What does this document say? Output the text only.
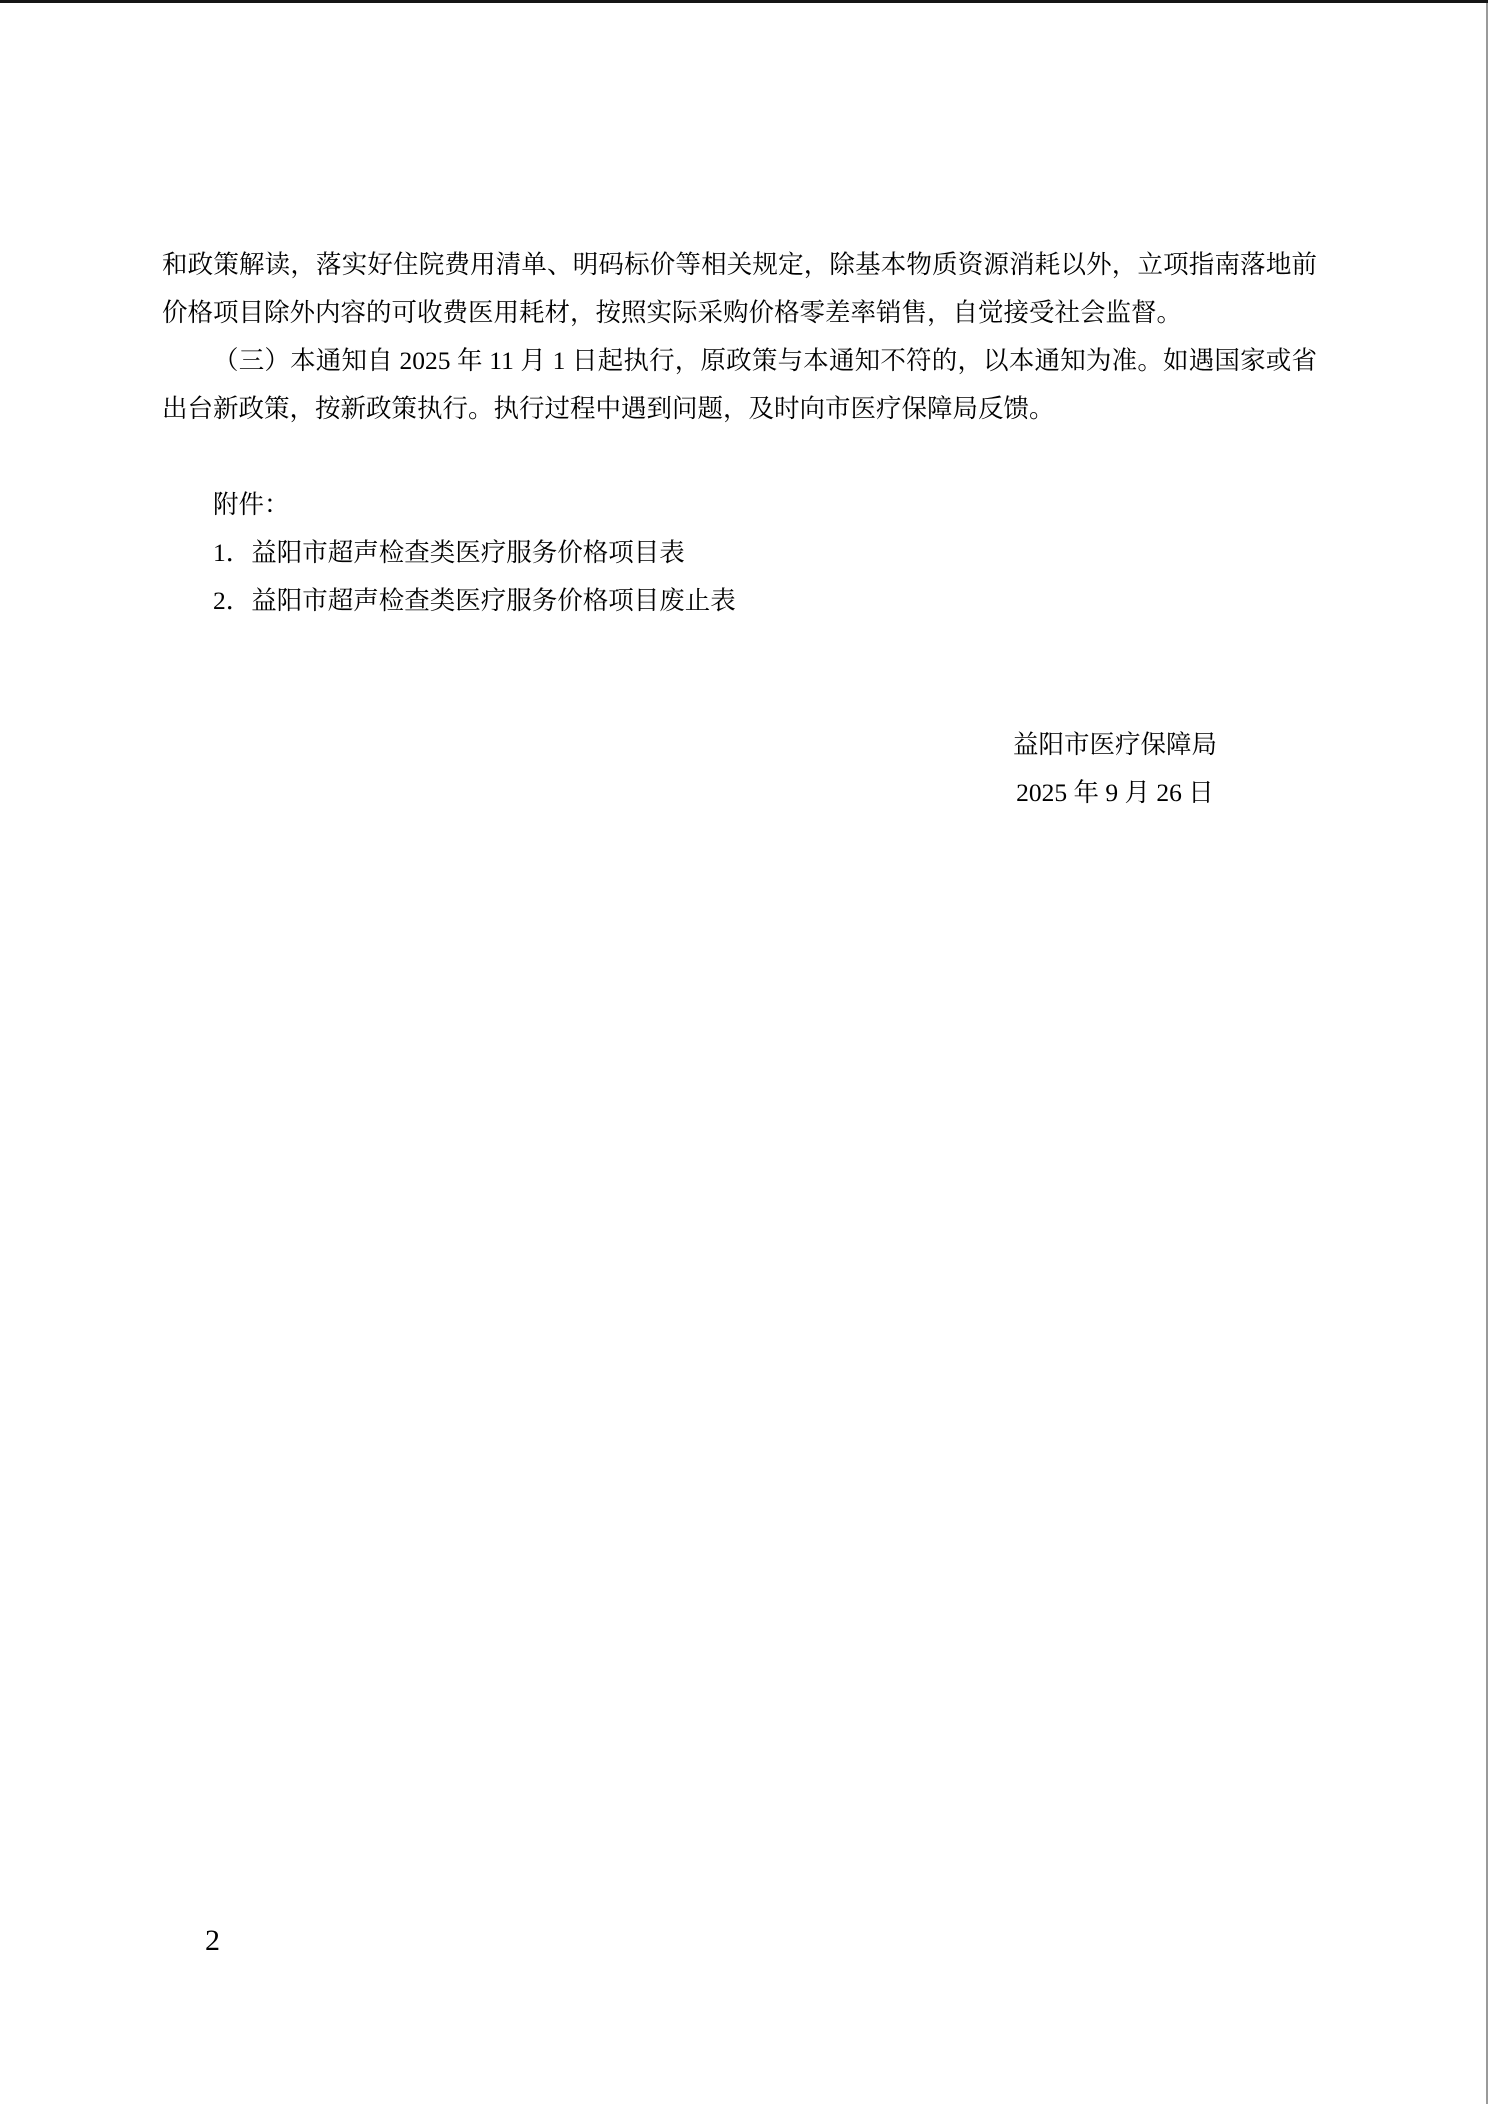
和政策解读，落实好住院费用清单、明码标价等相关规定，除基本物质资源消耗以外，立项指南落地前
价格项目除外内容的可收费医用耗材，按照实际采购价格零差率销售，自觉接受社会监督。
（三）本通知自 2025 年 11 月 1 日起执行，原政策与本通知不符的，以本通知为准。如遇国家或省
出台新政策，按新政策执行。执行过程中遇到问题，及时向市医疗保障局反馈。
附件：
1．益阳市超声检查类医疗服务价格项目表
2．益阳市超声检查类医疗服务价格项目废止表
益阳市医疗保障局
2025 年 9 月 26 日
2
